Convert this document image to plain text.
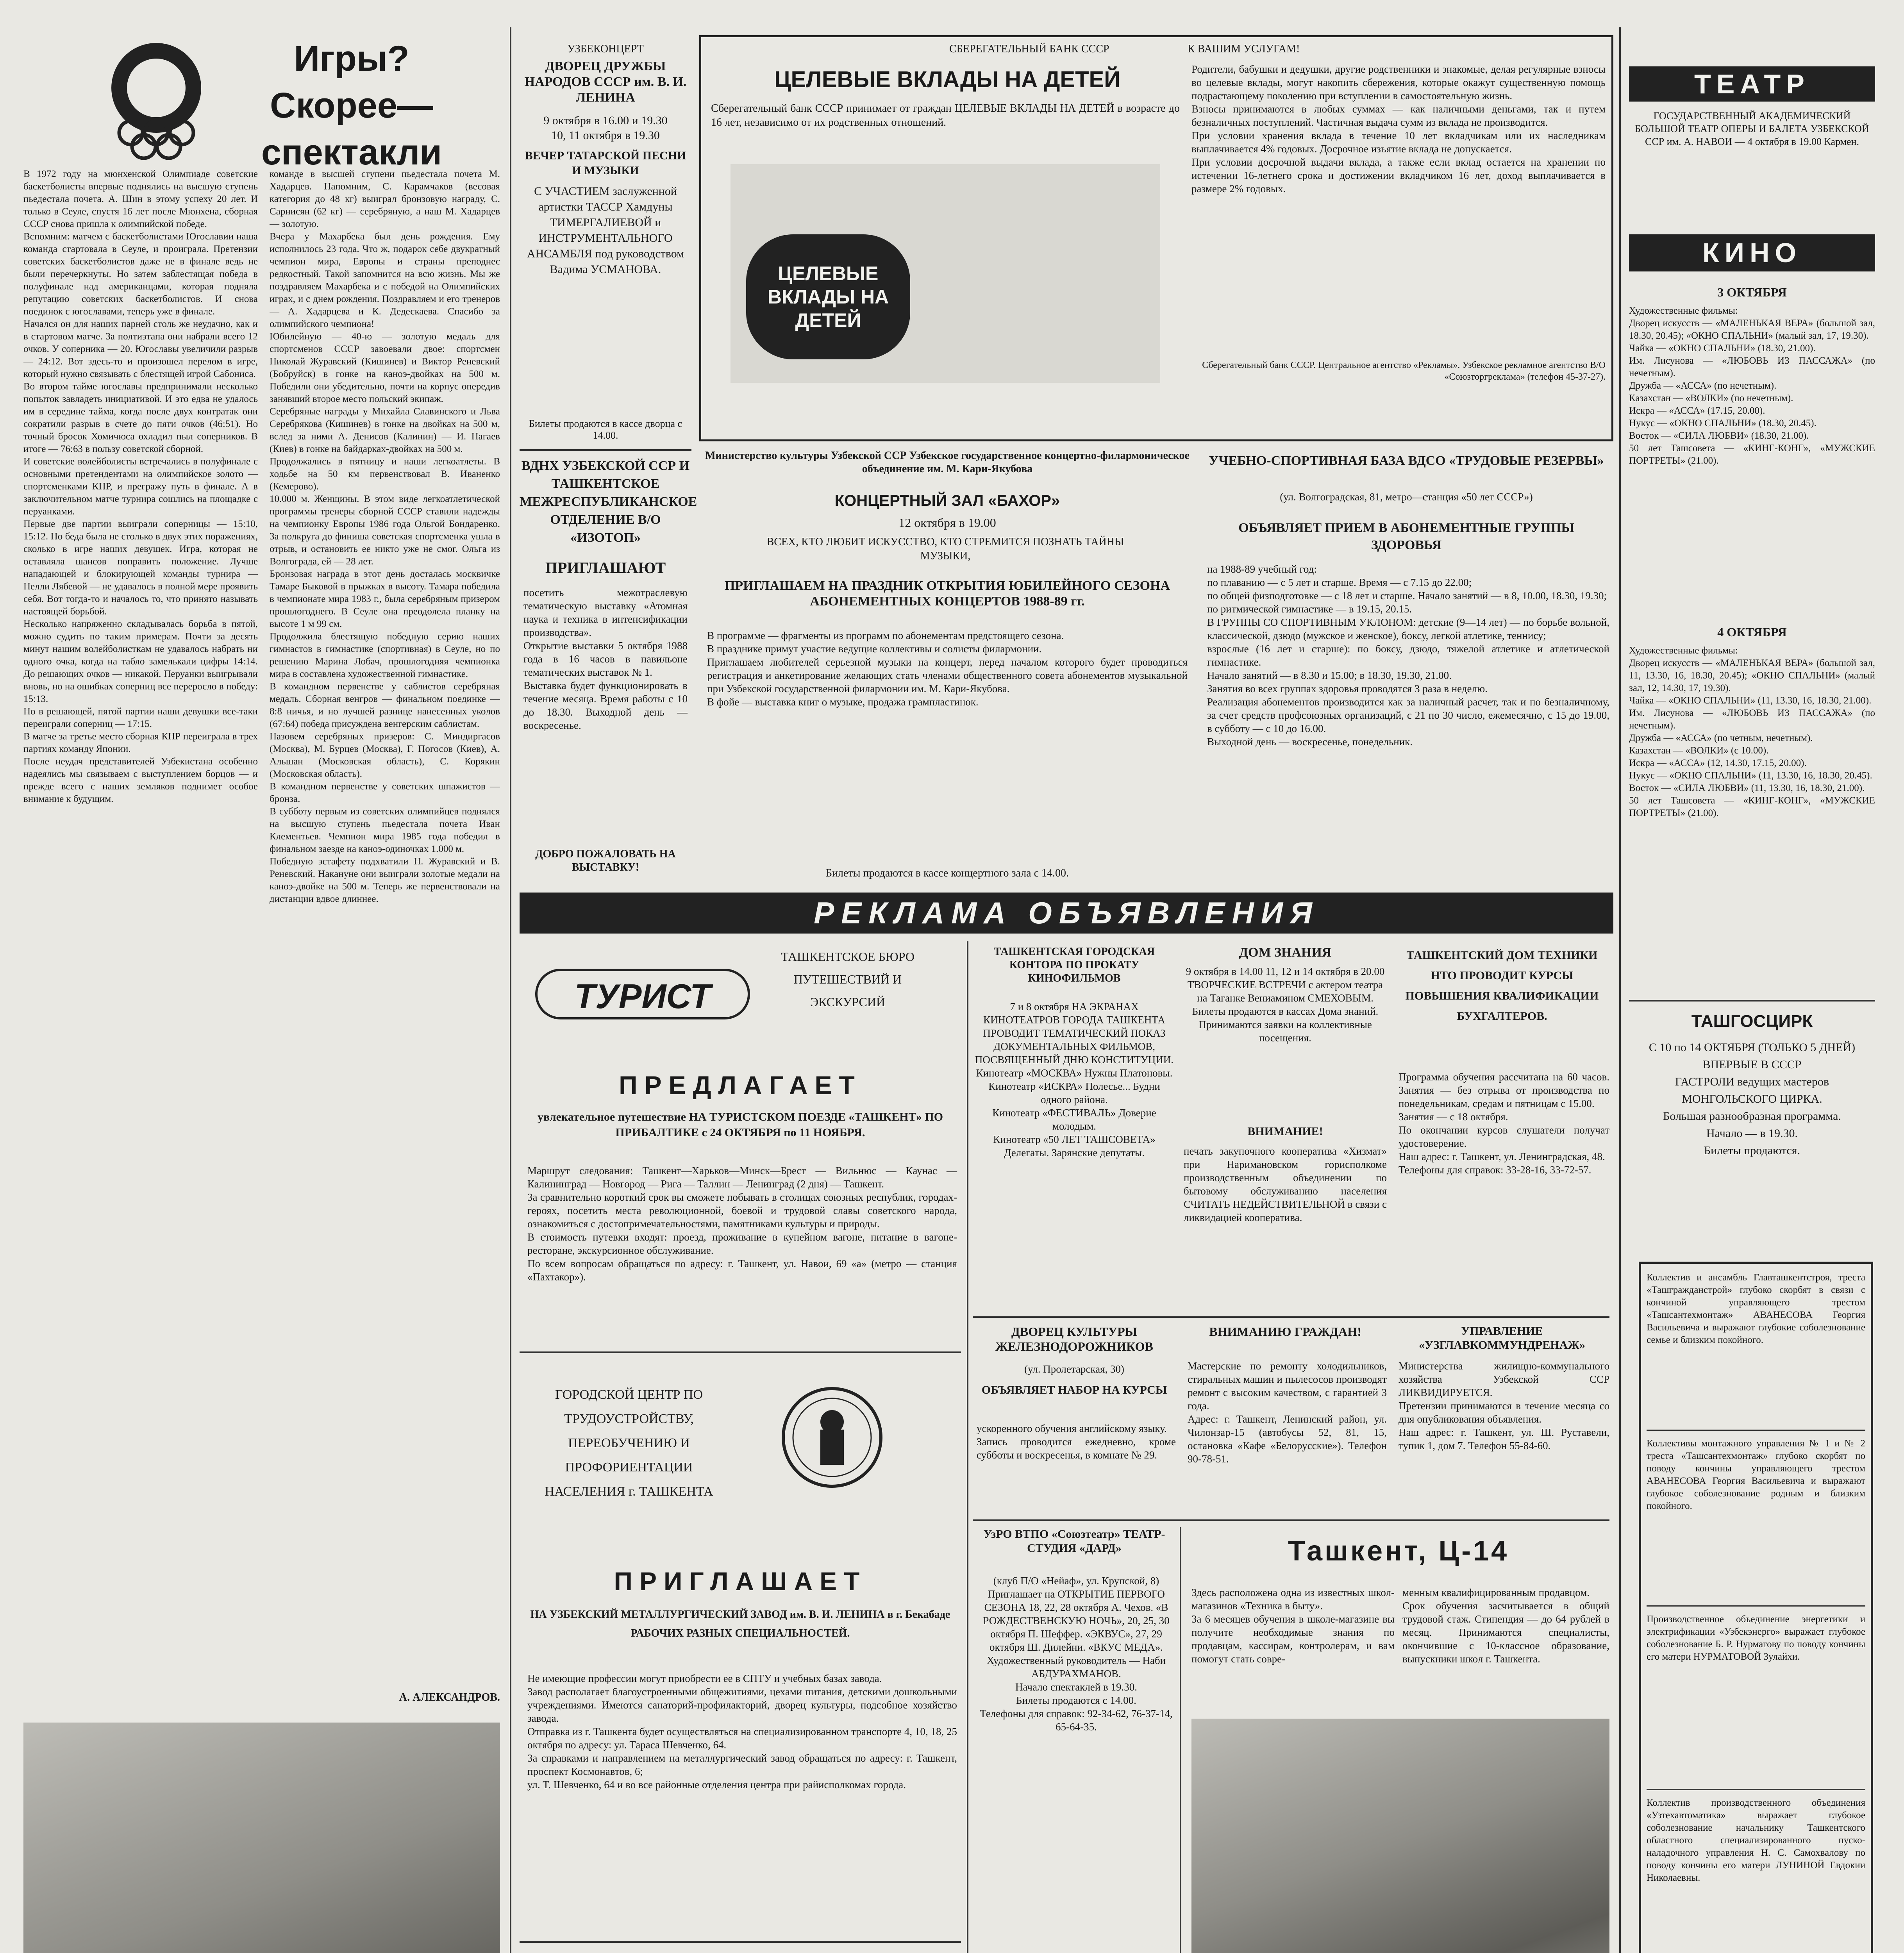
Игры? Скорее— спектакли
В 1972 году на мюнхенской Олимпиаде советские баскетболисты впервые поднялись на высшую ступень пьедестала почета. А. Шин в этому успеху 20 лет. И только в Сеуле, спустя 16 лет после Мюнхена, сборная СССР снова пришла к олимпийской победе.
Вспомним: матчем с баскетболистами Югославии наша команда стартовала в Сеуле, и проиграла. Претензии советских баскетболистов даже не в финале ведь не были перечеркнуты. Но затем заблестящая победа в полуфинале над американцами, которая подняла репутацию советских баскетболистов. И снова поединок с югославами, теперь уже в финале.
Начался он для наших парней столь же неудачно, как и в стартовом матче. За полтиэтапа они набрали всего 12 очков. У соперника — 20. Югославы увеличили разрыв — 24:12. Вот здесь-то и произошел перелом в игре, который нужно связывать с блестящей игрой Сабониса.
Во втором тайме югославы предпринимали несколько попыток завладеть инициативой. И это едва не удалось им в середине тайма, когда после двух контратак они сократили разрыв в счете до пяти очков (46:51). Но точный бросок Хомичюса охладил пыл соперников. В итоге — 76:63 в пользу советской сборной.
И советские волейболисты встречались в полуфинале с основными претендентами на олимпийское золото — спортсменками КНР, и прегражу путь в финале. А в заключительном матче турнира сошлись на площадке с перуанками.
Первые две партии выиграли соперницы — 15:10, 15:12. Но беда была не столько в двух этих поражениях, сколько в игре наших девушек. Игра, которая не оставляла шансов поправить положение. Лучше нападающей и блокирующей команды турнира — Нелли Лябевой — не удавалось в полной мере проявить себя. Вот тогда-то и началось то, что принято называть настоящей борьбой.
Несколько напряженно складывалась борьба в пятой, можно судить по таким примерам. Почти за десять минут нашим волейболисткам не удавалось набрать ни одного очка, когда на табло замелькали цифры 14:14. До решающих очков — никакой. Перуанки выигрывали вновь, но на ошибках соперниц все переросло в победу: 15:13.
Но в решающей, пятой партии наши девушки все-таки переиграли соперниц — 17:15.
В матче за третье место сборная КНР переиграла в трех партиях команду Японии.
После неудач представителей Узбекистана особенно надеялись мы связываем с выступлением борцов — и прежде всего с наших земляков поднимет особое внимание к будущим.
команде в высшей ступени пьедестала почета М. Хадарцев. Напомним, С. Карамчаков (весовая категория до 48 кг) выиграл бронзовую награду, С. Сарнисян (62 кг) — серебряную, а наш М. Хадарцев — золотую.
Вчера у Махарбека был день рождения. Ему исполнилось 23 года. Что ж, подарок себе двукратный чемпион мира, Европы и страны преподнес редкостный. Такой запомнится на всю жизнь. Мы же поздравляем Махарбека и с победой на Олимпийских играх, и с днем рождения. Поздравляем и его тренеров — А. Хадарцева и К. Дедескаева. Спасибо за олимпийского чемпиона!
Юбилейную — 40-ю — золотую медаль для спортсменов СССР завоевали двое: спортсмен Николай Журавский (Кишинев) и Виктор Реневский (Бобруйск) в гонке на каноэ-двойках на 500 м. Победили они убедительно, почти на корпус опередив занявший второе место польский экипаж.
Серебряные награды у Михайла Славинского и Льва Серебрякова (Кишинев) в гонке на двойках на 500 м, вслед за ними А. Денисов (Калинин) — И. Нагаев (Киев) в гонке на байдарках-двойках на 500 м.
Продолжались в пятницу и наши легкоатлеты. В ходьбе на 50 км первенствовал В. Иваненко (Кемерово).
10.000 м. Женщины. В этом виде легкоатлетической программы тренеры сборной СССР ставили надежды на чемпионку Европы 1986 года Ольгой Бондаренко. За полкруга до финиша советская спортсменка ушла в отрыв, и остановить ее никто уже не смог. Ольга из Волгограда, ей — 28 лет.
Бронзовая награда в этот день досталась москвичке Тамаре Быковой в прыжках в высоту. Тамара победила в чемпионате мира 1983 г., была серебряным призером прошлогоднего. В Сеуле она преодолела планку на высоте 1 м 99 см.
Продолжила блестящую победную серию наших гимнастов в гимнастике (спортивная) в Сеуле, но по решению Марина Лобач, прошлогодняя чемпионка мира в составлена художественной гимнастике.
В командном первенстве у саблистов серебряная медаль. Сборная венгров — финальном поединке — 8:8 ничья, и но лучшей разнице нанесенных уколов (67:64) победа присуждена венгерским саблистам.
Назовем серебряных призеров: С. Миндиргасов (Москва), М. Бурцев (Москва), Г. Погосов (Киев), А. Альшан (Московская область), С. Корякин (Московская область).
В командном первенстве у советских шпажистов — бронза.
В субботу первым из советских олимпийцев поднялся на высшую ступень пьедестала почета Иван Клементьев. Чемпион мира 1985 года победил в финальном заезде на каноэ-одиночках 1.000 м.
Победную эстафету подхватили Н. Журавский и В. Реневский. Накануне они выиграли золотые медали на каноэ-двойке на 500 м. Теперь же первенствовали на дистанции вдвое длиннее.
А. АЛЕКСАНДРОВ.
УЗБЕКОНЦЕРТ
ДВОРЕЦ ДРУЖБЫ НАРОДОВ СССР им. В. И. ЛЕНИНА
9 октября в 16.00 и 19.30
10, 11 октября в 19.30
ВЕЧЕР ТАТАРСКОЙ ПЕСНИ И МУЗЫКИ
С УЧАСТИЕМ заслуженной артистки ТАССР Хамдуны ТИМЕРГАЛИЕВОЙ и ИНСТРУМЕНТАЛЬНОГО АНСАМБЛЯ под руководством Вадима УСМАНОВА.
Билеты продаются в кассе дворца с 14.00.
ВДНХ УЗБЕКСКОЙ ССР И ТАШКЕНТСКОЕ МЕЖРЕСПУБЛИКАНСКОЕ ОТДЕЛЕНИЕ В/О «ИЗОТОП»
ПРИГЛАШАЮТ
посетить межотраслевую тематическую выставку «Атомная наука и техника в интенсификации производства».
Открытие выставки 5 октября 1988 года в 16 часов в павильоне тематических выставок № 1.
Выставка будет функционировать в течение месяца. Время работы с 10 до 18.30. Выходной день — воскресенье.
ДОБРО ПОЖАЛОВАТЬ НА ВЫСТАВКУ!
СБЕРЕГАТЕЛЬНЫЙ БАНК СССР	К ВАШИМ УСЛУГАМ!
ЦЕЛЕВЫЕ ВКЛАДЫ НА ДЕТЕЙ
Сберегательный банк СССР принимает от граждан ЦЕЛЕВЫЕ ВКЛАДЫ НА ДЕТЕЙ в возрасте до 16 лет, независимо от их родственных отношений.
ЦЕЛЕВЫЕ ВКЛАДЫ НА ДЕТЕЙ
Родители, бабушки и дедушки, другие родственники и знакомые, делая регулярные взносы во целевые вклады, могут накопить сбережения, которые окажут существенную помощь подрастающему поколению при вступлении в самостоятельную жизнь.
Взносы принимаются в любых суммах — как наличными деньгами, так и путем безналичных поступлений. Частичная выдача сумм из вклада не производится.
При условии хранения вклада в течение 10 лет вкладчикам или их наследникам выплачивается 4% годовых. Досрочное изъятие вклада не допускается.
При условии досрочной выдачи вклада, а также если вклад остается на хранении по истечении 16-летнего срока и достижении вкладчиком 16 лет, доход выплачивается в размере 2% годовых.
Сберегательный банк СССР. Центральное агентство «Рекламы». Узбекское рекламное агентство В/О «Союзторгреклама» (телефон 45-37-27).
Министерство культуры Узбекской ССР Узбекское государственное концертно-филармоническое объединение им. М. Кари-Якубова
КОНЦЕРТНЫЙ ЗАЛ «БАХОР»
12 октября в 19.00
ВСЕХ, КТО ЛЮБИТ ИСКУССТВО, КТО СТРЕМИТСЯ ПОЗНАТЬ ТАЙНЫ МУЗЫКИ,
ПРИГЛАШАЕМ НА ПРАЗДНИК ОТКРЫТИЯ ЮБИЛЕЙНОГО СЕЗОНА АБОНЕМЕНТНЫХ КОНЦЕРТОВ 1988-89 гг.
В программе — фрагменты из программ по абонементам предстоящего сезона.
В празднике примут участие ведущие коллективы и солисты филармонии.
Приглашаем любителей серьезной музыки на концерт, перед началом которого будет проводиться регистрация и анкетирование желающих стать членами общественного совета абонементов музыкальной при Узбекской государственной филармонии им. М. Кари-Якубова.
В фойе — выставка книг о музыке, продажа грампластинок.
Билеты продаются в кассе концертного зала с 14.00.
УЧЕБНО-СПОРТИВНАЯ БАЗА ВДСО «ТРУДОВЫЕ РЕЗЕРВЫ»
(ул. Волгоградская, 81, метро—станция «50 лет СССР»)
ОБЪЯВЛЯЕТ ПРИЕМ В АБОНЕМЕНТНЫЕ ГРУППЫ ЗДОРОВЬЯ
на 1988-89 учебный год:
по плаванию — с 5 лет и старше. Время — с 7.15 до 22.00;
по общей физподготовке — с 18 лет и старше. Начало занятий — в 8, 10.00, 18.30, 19.30;
по ритмической гимнастике — в 19.15, 20.15.
В ГРУППЫ СО СПОРТИВНЫМ УКЛОНОМ: детские (9—14 лет) — по борьбе вольной, классической, дзюдо (мужское и женское), боксу, легкой атлетике, теннису;
взрослые (16 лет и старше): по боксу, дзюдо, тяжелой атлетике и атлетической гимнастике.
Начало занятий — в 8.30 и 15.00; в 18.30, 19.30, 21.00.
Занятия во всех группах здоровья проводятся 3 раза в неделю.
Реализация абонементов производится как за наличный расчет, так и по безналичному, за счет средств профсоюзных организаций, с 21 по 30 число, ежемесячно, с 15 до 19.00, в субботу — с 10 до 16.00.
Выходной день — воскресенье, понедельник.
РЕКЛАМА ОБЪЯВЛЕНИЯ
ТУРИСТ
ТАШКЕНТСКОЕ БЮРО ПУТЕШЕСТВИЙ И ЭКСКУРСИЙ
ПРЕДЛАГАЕТ
увлекательное путешествие НА ТУРИСТСКОМ ПОЕЗДЕ «ТАШКЕНТ» ПО ПРИБАЛТИКЕ с 24 ОКТЯБРЯ по 11 НОЯБРЯ.
Маршрут следования: Ташкент—Харьков—Минск—Брест — Вильнюс — Каунас — Калининград — Новгород — Рига — Таллин — Ленинград (2 дня) — Ташкент.
За сравнительно короткий срок вы сможете побывать в столицах союзных республик, городах-героях, посетить места революционной, боевой и трудовой славы советского народа, ознакомиться с достопримечательностями, памятниками культуры и природы.
В стоимость путевки входят: проезд, проживание в купейном вагоне, питание в вагоне-ресторане, экскурсионное обслуживание.
По всем вопросам обращаться по адресу: г. Ташкент, ул. Навои, 69 «а» (метро — станция «Пахтакор»).
ГОРОДСКОЙ ЦЕНТР ПО ТРУДОУСТРОЙСТВУ, ПЕРЕОБУЧЕНИЮ И ПРОФОРИЕНТАЦИИ НАСЕЛЕНИЯ г. ТАШКЕНТА
ПРИГЛАШАЕТ
НА УЗБЕКСКИЙ МЕТАЛЛУРГИЧЕСКИЙ ЗАВОД им. В. И. ЛЕНИНА в г. Бекабаде РАБОЧИХ РАЗНЫХ СПЕЦИАЛЬНОСТЕЙ.
Не имеющие профессии могут приобрести ее в СПТУ и учебных базах завода.
Завод располагает благоустроенными общежитиями, цехами питания, детскими дошкольными учреждениями. Имеются санаторий-профилакторий, дворец культуры, подсобное хозяйство завода.
Отправка из г. Ташкента будет осуществляться на специализированном транспорте 4, 10, 18, 25 октября по адресу: ул. Тараса Шевченко, 64.
За справками и направлением на металлургический завод обращаться по адресу: г. Ташкент, проспект Космонавтов, 6;
ул. Т. Шевченко, 64 и во все районные отделения центра при райисполкомах города.
ТАШКЕНТСКАЯ ГОРОДСКАЯ КОНТОРА ПО ПРОКАТУ КИНОФИЛЬМОВ
7 и 8 октября НА ЭКРАНАХ КИНОТЕАТРОВ ГОРОДА ТАШКЕНТА ПРОВОДИТ ТЕМАТИЧЕСКИЙ ПОКАЗ ДОКУМЕНТАЛЬНЫХ ФИЛЬМОВ, ПОСВЯЩЕННЫЙ ДНЮ КОНСТИТУЦИИ.
Кинотеатр «МОСКВА» Нужны Платоновы.
Кинотеатр «ИСКРА» Полесье... Будни одного района.
Кинотеатр «ФЕСТИВАЛЬ» Доверие молодым.
Кинотеатр «50 ЛЕТ ТАШСОВЕТА» Делегаты. Зарянские депутаты.
ДОМ ЗНАНИЯ
9 октября в 14.00 11, 12 и 14 октября в 20.00
ТВОРЧЕСКИЕ ВСТРЕЧИ с актером театра на Таганке Вениамином СМЕХОВЫМ.
Билеты продаются в кассах Дома знаний.
Принимаются заявки на коллективные посещения.
ВНИМАНИЕ!
печать закупочного кооператива «Хизмат» при Наримановском горисполкоме производственным объединении по бытовому обслуживанию населения СЧИТАТЬ НЕДЕЙСТВИТЕЛЬНОЙ в связи с ликвидацией кооператива.
ТАШКЕНТСКИЙ ДОМ ТЕХНИКИ НТО ПРОВОДИТ КУРСЫ ПОВЫШЕНИЯ КВАЛИФИКАЦИИ БУХГАЛТЕРОВ.
Программа обучения рассчитана на 60 часов. Занятия — без отрыва от производства по понедельникам, средам и пятницам с 15.00.
Занятия — с 18 октября.
По окончании курсов слушатели получат удостоверение.
Наш адрес: г. Ташкент, ул. Ленинградская, 48.
Телефоны для справок: 33-28-16, 33-72-57.
ДВОРЕЦ КУЛЬТУРЫ ЖЕЛЕЗНОДОРОЖНИКОВ
(ул. Пролетарская, 30)
ОБЪЯВЛЯЕТ НАБОР НА КУРСЫ
ускоренного обучения английскому языку.
Запись проводится ежедневно, кроме субботы и воскресенья, в комнате № 29.
ВНИМАНИЮ ГРАЖДАН!
Мастерские по ремонту холодильников, стиральных машин и пылесосов производят ремонт с высоким качеством, с гарантией 3 года.
Адрес: г. Ташкент, Ленинский район, ул. Чилонзар-15 (автобусы 52, 81, 15, остановка «Кафе «Белорусские»). Телефон 90-78-51.
УПРАВЛЕНИЕ «УЗГЛАВКОММУНДРЕНАЖ»
Министерства жилищно-коммунального хозяйства Узбекской ССР ЛИКВИДИРУЕТСЯ.
Претензии принимаются в течение месяца со дня опубликования объявления.
Наш адрес: г. Ташкент, ул. Ш. Руставели, тупик 1, дом 7. Телефон 55-84-60.
УзРО ВТПО «Союзтеатр» ТЕАТР-СТУДИЯ «ДАРД»
(клуб П/О «Нейаф», ул. Крупской, 8)
Приглашает на ОТКРЫТИЕ ПЕРВОГО СЕЗОНА 18, 22, 28 октября А. Чехов. «В РОЖДЕСТВЕНСКУЮ НОЧЬ», 20, 25, 30 октября П. Шеффер. «ЭКВУС», 27, 29 октября Ш. Дилейни. «ВКУС МЕДА».
Художественный руководитель — Наби АБДУРАХМАНОВ.
Начало спектаклей в 19.30.
Билеты продаются с 14.00.
Телефоны для справок: 92-34-62, 76-37-14, 65-64-35.
Ташкент, Ц-14
Здесь расположена одна из известных школ-магазинов «Техника в быту».
За 6 месяцев обучения в школе-магазине вы получите необходимые знания по продавцам, кассирам, контролерам, и вам помогут стать совре-
менным квалифицированным продавцом.
Срок обучения засчитывается в общий трудовой стаж. Стипендия — до 64 рублей в месяц. Принимаются специалисты, окончившие с 10-классное образование, выпускники школ г. Ташкента.
ТЕАТР
ГОСУДАРСТВЕННЫЙ АКАДЕМИЧЕСКИЙ БОЛЬШОЙ ТЕАТР ОПЕРЫ И БАЛЕТА УЗБЕКСКОЙ ССР им. А. НАВОИ — 4 октября в 19.00 Кармен.
КИНО
3 ОКТЯБРЯ
Художественные фильмы:
Дворец искусств — «МАЛЕНЬКАЯ ВЕРА» (большой зал, 18.30, 20.45); «ОКНО СПАЛЬНИ» (малый зал, 17, 19.30).
Чайка — «ОКНО СПАЛЬНИ» (18.30, 21.00).
Им. Лисунова — «ЛЮБОВЬ ИЗ ПАССАЖА» (по нечетным).
Дружба — «АССА» (по нечетным).
Казахстан — «ВОЛКИ» (по нечетным).
Искра — «АССА» (17.15, 20.00).
Нукус — «ОКНО СПАЛЬНИ» (18.30, 20.45).
Восток — «СИЛА ЛЮБВИ» (18.30, 21.00).
50 лет Ташсовета — «КИНГ-КОНГ», «МУЖСКИЕ ПОРТРЕТЫ» (21.00).
4 ОКТЯБРЯ
Художественные фильмы:
Дворец искусств — «МАЛЕНЬКАЯ ВЕРА» (большой зал, 11, 13.30, 16, 18.30, 20.45); «ОКНО СПАЛЬНИ» (малый зал, 12, 14.30, 17, 19.30).
Чайка — «ОКНО СПАЛЬНИ» (11, 13.30, 16, 18.30, 21.00).
Им. Лисунова — «ЛЮБОВЬ ИЗ ПАССАЖА» (по нечетным).
Дружба — «АССА» (по четным, нечетным).
Казахстан — «ВОЛКИ» (с 10.00).
Искра — «АССА» (12, 14.30, 17.15, 20.00).
Нукус — «ОКНО СПАЛЬНИ» (11, 13.30, 16, 18.30, 20.45).
Восток — «СИЛА ЛЮБВИ» (11, 13.30, 16, 18.30, 21.00).
50 лет Ташсовета — «КИНГ-КОНГ», «МУЖСКИЕ ПОРТРЕТЫ» (21.00).
ТАШГОСЦИРК
С 10 по 14 ОКТЯБРЯ (ТОЛЬКО 5 ДНЕЙ)
ВПЕРВЫЕ В СССР
ГАСТРОЛИ ведущих мастеров МОНГОЛЬСКОГО ЦИРКА.
Большая разнообразная программа.
Начало — в 19.30.
Билеты продаются.
Коллектив и ансамбль Главташкентстроя, треста «Ташгражданстрой» глубоко скорбят в связи с кончиной управляющего трестом «Ташсантехмонтаж» АВАНЕСОВА Георгия Васильевича и выражают глубокие соболезнование семье и близким покойного.
Коллективы монтажного управления № 1 и № 2 треста «Ташсантехмонтаж» глубоко скорбят по поводу кончины управляющего трестом АВАНЕСОВА Георгия Васильевича и выражают глубокое соболезнование родным и близким покойного.
Производственное объединение энергетики и электрификации «Узбекэнерго» выражает глубокое соболезнование Б. Р. Нурматову по поводу кончины его матери НУРМАТОВОЙ Зулайхи.
Коллектив производственного объединения «Узтехавтоматика» выражает глубокое соболезнование начальнику Ташкентского областного специализированного пуско-наладочного управления Н. С. Самохвалову по поводу кончины его матери ЛУНИНОЙ Евдокии Николаевны.
